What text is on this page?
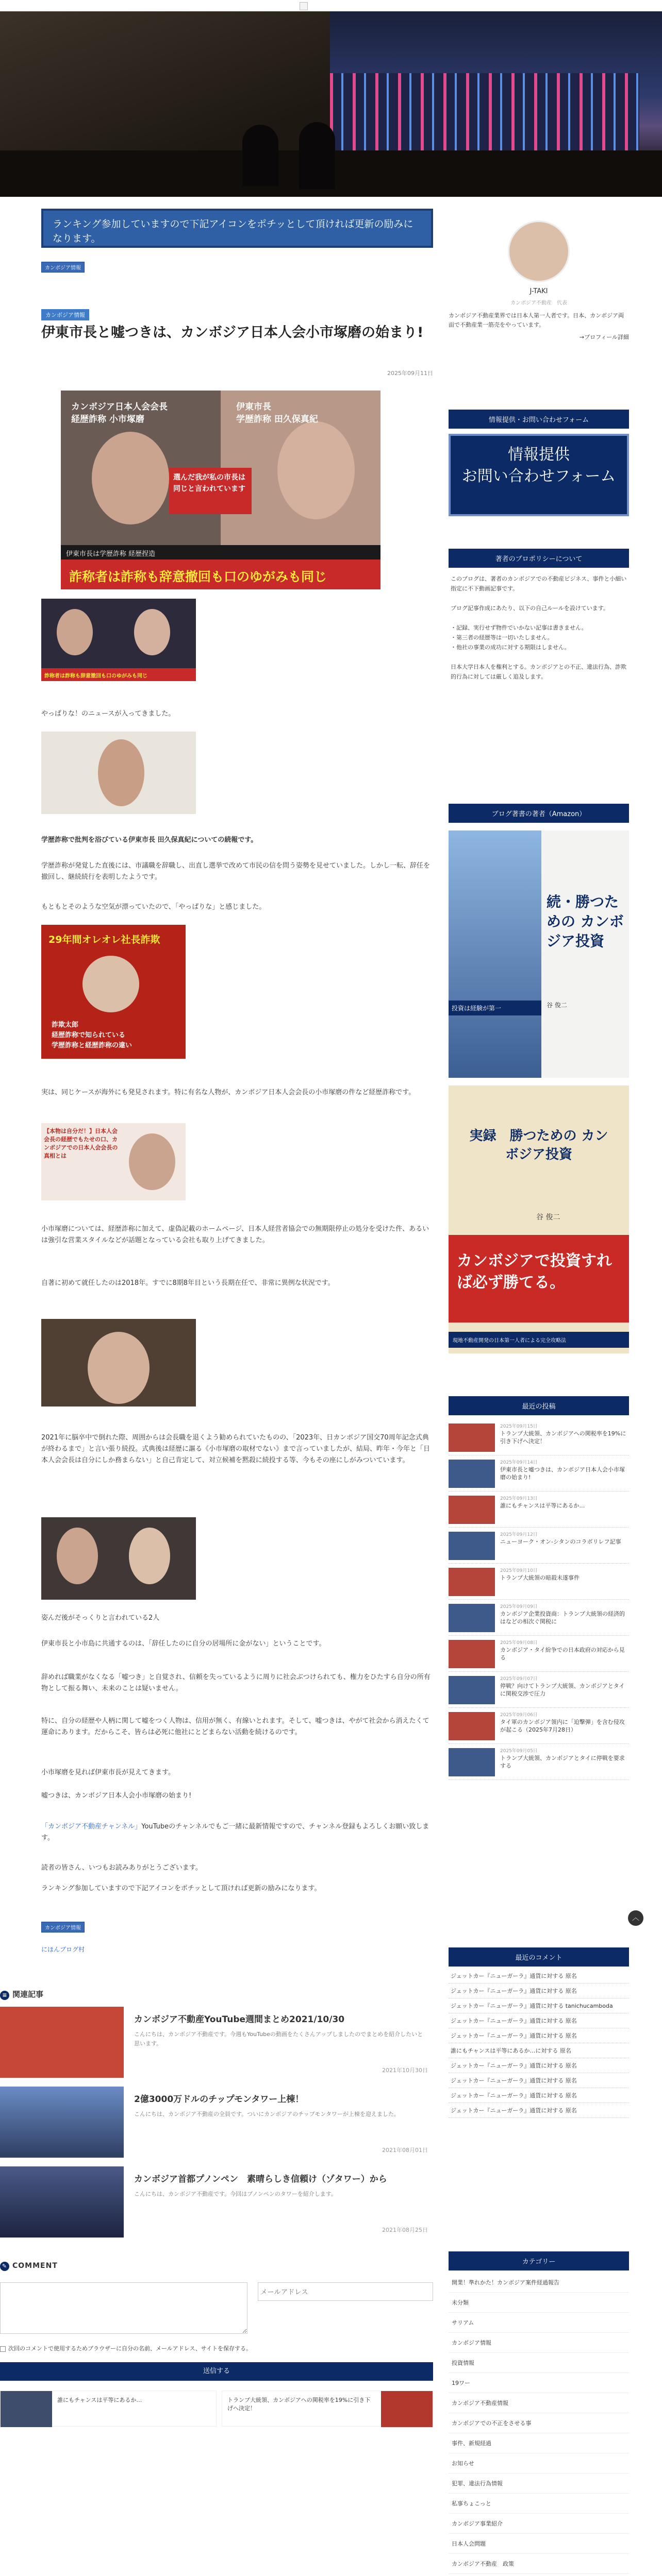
ランキング参加していますので下記アイコンをポチッとして頂ければ更新の励みになります。
カンボジア情報
カンボジア情報
伊東市長と嘘つきは、カンボジア日本人会小市塚磨の始まり!
2025年09月11日
カンボジア日本人会会長
経歴詐称 小市塚磨
伊東市長
学歴詐称 田久保真紀
選んだ我が私の市長は同じと言われています
伊東市長は学歴詐称 経歴捏造
詐称者は詐称も辞意撤回も口のゆがみも同じ
詐称者は詐称も辞意撤回も口のゆがみも同じ

やっぱりな！のニュースが入ってきました。

学歴詐称で批判を浴びている伊東市長 田久保真紀についての続報です。

学歴詐称が発覚した直後には、市議職を辞職し、出直し選挙で改めて市民の信を問う姿勢を見せていました。しかし一転、辞任を撤回し、継続続行を表明したようです。

もともとそのような空気が漂っていたので、「やっぱりな」と感じました。

29年間オレオレ社長詐欺
詐欺太郎
経歴詐称で知られている
学歴詐称と経歴詐称の違い

実は、同じケースが海外にも発見されます。特に有名な人物が、カンボジア日本人会会長の小市塚磨の件など経歴詐称です。

【本物は自分だ！】日本人会会長の経歴でもたせの口、カンボジアでの日本人会会長の真相とは

小市塚磨については、経歴詐称に加えて、虚偽記載のホームページ、日本人経営者協会での無期限停止の処分を受けた件、あるいは強引な営業スタイルなどが話題となっている会社も取り上げてきました。

自著に初めて就任したのは2018年。すでに8期8年目という長期在任で、非常に異例な状況です。

2021年に脳卒中で倒れた際、周囲からは会長職を退くよう勧められていたものの、「2023年、日カンボジア国交70周年記念式典が終わるまで」と言い張り続投。式典後は経歴に謳る《小市塚磨の取材でない》まで言っていましたが、結局、昨年・今年と「日本人会会長は自分にしか務まらない」と自己肯定して、対立候補を黙殺に続投する等、今もその座にしがみついています。

姿んだ後がそっくりと言われている2人

伊東市長と小市島に共通するのは、「辞任したのに自分の居場所に金がない」ということです。

辞めれば職業がなくなる「嘘つき」と自覚され、信頼を失っているように周りに社会ぶつけられても、権力をひたすら自分の所有物として振る舞い、未来のことは疑いません。

特に、自分の経歴や人柄に関して嘘をつく人物は、信用が無く、有線いとれます。そして、嘘つきは、やがて社会から消えたくて運命にあります。だからこそ、皆らは必死に他社にとどまらない活動を続けるのです。

小市塚磨を見れば伊東市長が見えてきます。

嘘つきは、カンボジア日本人会小市塚磨の始まり!

「カンボジア不動産チャンネル」YouTubeのチャンネルでもご一緒に最新情報ですので、チャンネル登録もよろしくお願い致します。

読者の皆さん、いつもお読みありがとうございます。

ランキング参加していますので下記アイコンをポチッとして頂ければ更新の励みになります。

カンボジア情報
にほんブログ村
≡ 関連記事
カンボジア不動産YouTube週間まとめ2021/10/30
こんにちは、カンボジア不動産です。今週もYouTubeの動画をたくさんアップしましたのでまとめを紹介したいと思います。
2021年10月30日
2億3000万ドルのチップモンタワー上棟！
こんにちは、カンボジア不動産の全員です。ついにカンボジアのチップモンタワーが上棟を迎えました。
2021年08月01日
カンボジア首都プノンペン　素晴らしき信頼け（ゾタワー）から
こんにちは、カンボジア不動産です。今回はプノンペンのタワーを紹介します。
2021年08月25日
✎ COMMENT
メールアドレス
次回のコメントで使用するためブラウザーに自分の名前、メールアドレス、サイトを保存する。
送信する
誰にもチャンスは平等にあるか…	トランプ大統領、カンボジアへの関税率を19%に引き下げへ決定！
J-TAKI
カンボジア不動産　代表
カンボジア不動産業界では日本人第一人者です。日本、カンボジア両面で不動産業一筋売をやっています。
→プロフィール詳細
情報提供・お問い合わせフォーム
情報提供
お問い合わせフォーム
著者のプロポリシーについて

このブログは、著者のカンボジアでの不動産ビジネス、事件と小細い指定に不下動画記事です。

ブログ記事作成にあたり、以下の自己ルールを設けています。

・記録、実行せず物件でいかない記事は書きません。

・第三者の経歴等は一切いたしません。

・他社の事業の成功に対する期限はしません。

日本大学日本人を権利とする。カンボジアとの不正、違法行為、詐欺的行為に対しては厳しく追及します。

ブログ著書の著者（Amazon）
続・勝つための カンボジア投資
谷 俊二
投資は経験が第一
実録　勝つための カンボジア投資
谷 俊二
カンボジアで投資すれば必ず勝てる。
現地不動産開発の日本第一人者による完全攻略法
最近の投稿
2025年09月15日
トランプ大統領、カンボジアへの関税率を19%に引き下げへ決定！
2025年09月14日
伊東市長と嘘つきは、カンボジア日本人会小市塚磨の始まり!
2025年09月13日
誰にもチャンスは平等にあるか…
2025年09月12日
ニューヨーク・オン-シタンのコラボリレフ記事
2025年09月10日
トランプ大統領の暗殺未遂事件
2025年09月09日
カンボジア企業投資商：トランプ大統領の経済的はなどの相次ぐ関税に
2025年09月08日
カンボジア・タイ紛争での日本政府の対応から見る
2025年09月07日
停戦？向けてトランプ大統領、カンボジアとタイに関税交渉で圧力
2025年09月06日
タイ軍のカンボジア領内に「迫撃弾」を含む侵攻が起こる（2025年7月28日）
2025年09月05日
トランプ大統領、カンボジアとタイに停戦を要求する
最近のコメント
ジェットカー『ニューガーラ』通貨に対する 原名
ジェットカー『ニューガーラ』通貨に対する 原名
ジェットカー『ニューガーラ』通貨に対する tanichucamboda
ジェットカー『ニューガーラ』通貨に対する 原名
ジェットカー『ニューガーラ』通貨に対する 原名
誰にもチャンスは平等にあるか…に対する 原名
ジェットカー『ニューガーラ』通貨に対する 原名
ジェットカー『ニューガーラ』通貨に対する 原名
ジェットカー『ニューガーラ』通貨に対する 原名
ジェットカー『ニューガーラ』通貨に対する 原名
カテゴリー
開業！準れかた！カンボジア案件経過報告
未分類
サリアム
カンボジア情報
投資情報
19ワー
カンボジア不動産情報
カンボジアでの不正をさせる事
事件、新規経過
お知らせ
犯罪、違法行為情報
私事ちょこっと
カンボジア事業紹介
日本人会問題
カンボジア不動産　政策

︿
